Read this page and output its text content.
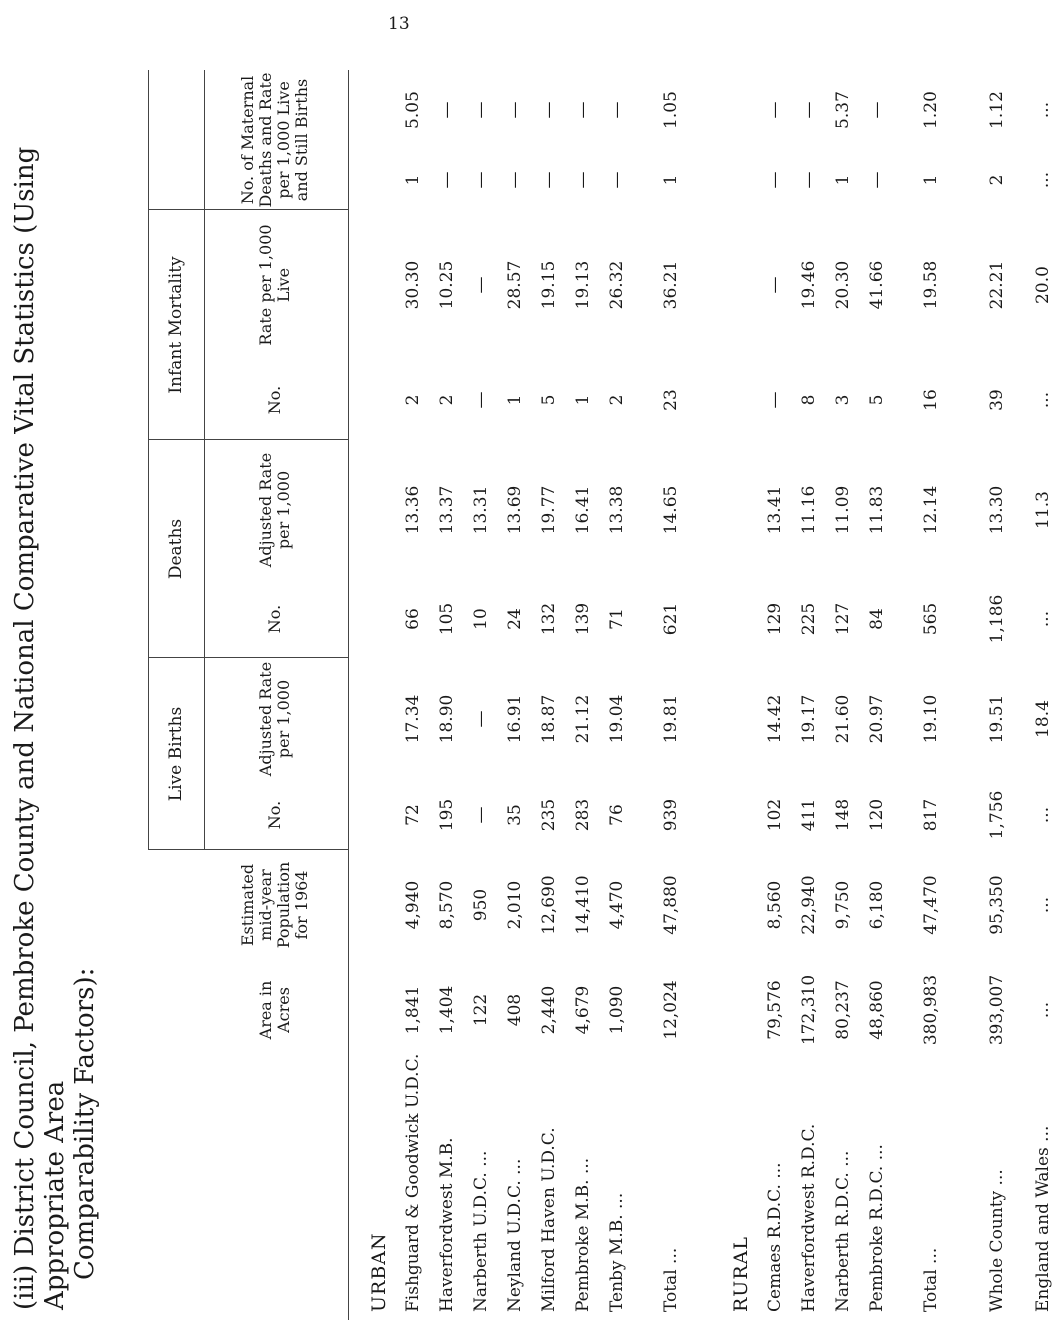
13
(iii) District Council, Pembroke County and National Comparative Vital Statistics (Using Appropriate Area Comparability Factors):
Live Births
Deaths
Infant Mortality
Area in Acres
Estimated mid-year Population for 1964
No.
Adjusted Rate per 1,000
No.
Adjusted Rate per 1,000
No.
Rate per 1,000 Live
No. of Maternal Deaths and Rate per 1,000 Live and Still Births
URBAN Fishguard & Goodwick U.D.C.
1,841
4,940
72
17.34
66
13.36
2
30.30
1
5.05
Haverfordwest M.B.
1,404
8,570
195
18.90
105
13.37
2
10.25
—
—
Narberth U.D.C. ...
122
950
—
—
10
13.31
—
—
—
—
Neyland U.D.C. ...
408
2,010
35
16.91
24
13.69
1
28.57
—
—
Milford Haven U.D.C.
2,440
12,690
235
18.87
132
19.77
5
19.15
—
—
Pembroke M.B. ...
4,679
14,410
283
21.12
139
16.41
1
19.13
—
—
Tenby M.B. ...
1,090
4,470
76
19.04
71
13.38
2
26.32
—
—
Total ...
12,024
47,880
939
19.81
621
14.65
23
36.21
1
1.05
RURAL Cemaes R.D.C. ...
79,576
8,560
102
14.42
129
13.41
—
—
—
—
Haverfordwest R.D.C.
172,310
22,940
411
19.17
225
11.16
8
19.46
—
—
Narberth R.D.C. ...
80,237
9,750
148
21.60
127
11.09
3
20.30
1
5.37
Pembroke R.D.C. ...
48,860
6,180
120
20.97
84
11.83
5
41.66
—
—
Total ...
380,983
47,470
817
19.10
565
12.14
16
19.58
1
1.20
Whole County ...
393,007
95,350
1,756
19.51
1,186
13.30
39
22.21
2
1.12
England and Wales ...
...
...
...
18.4
...
11.3
...
20.0
...
...
